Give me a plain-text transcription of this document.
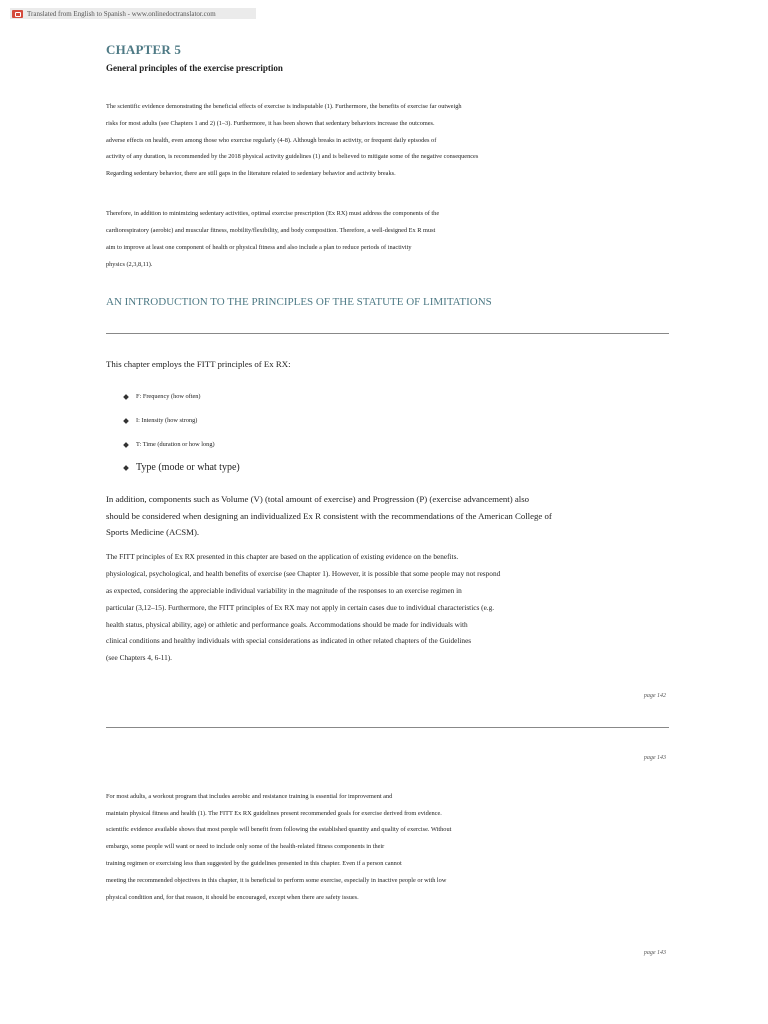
Translated from English to Spanish - www.onlinedoctranslator.com
CHAPTER 5
General principles of the exercise prescription
The scientific evidence demonstrating the beneficial effects of exercise is indisputable (1). Furthermore, the benefits of exercise far outweigh
risks for most adults (see Chapters 1 and 2) (1–3). Furthermore, it has been shown that sedentary behaviors increase the outcomes.
adverse effects on health, even among those who exercise regularly (4-8). Although breaks in activity, or frequent daily episodes of
activity of any duration, is recommended by the 2018 physical activity guidelines (1) and is believed to mitigate some of the negative consequences
Regarding sedentary behavior, there are still gaps in the literature related to sedentary behavior and activity breaks.
Therefore, in addition to minimizing sedentary activities, optimal exercise prescription (Ex RX) must address the components of the
cardiorespiratory (aerobic) and muscular fitness, mobility/flexibility, and body composition. Therefore, a well-designed Ex R must
aim to improve at least one component of health or physical fitness and also include a plan to reduce periods of inactivity
physics (2,3,8,11).
AN INTRODUCTION TO THE PRINCIPLES OF THE STATUTE OF LIMITATIONS
This chapter employs the FITT principles of Ex RX:
F: Frequency (how often)
I: Intensity (how strong)
T: Time (duration or how long)
Type (mode or what type)
In addition, components such as Volume (V) (total amount of exercise) and Progression (P) (exercise advancement) also
should be considered when designing an individualized Ex R consistent with the recommendations of the American College of
Sports Medicine (ACSM).
The FITT principles of Ex RX presented in this chapter are based on the application of existing evidence on the benefits.
physiological, psychological, and health benefits of exercise (see Chapter 1). However, it is possible that some people may not respond
as expected, considering the appreciable individual variability in the magnitude of the responses to an exercise regimen in
particular (3,12–15). Furthermore, the FITT principles of Ex RX may not apply in certain cases due to individual characteristics (e.g.
health status, physical ability, age) or athletic and performance goals. Accommodations should be made for individuals with
clinical conditions and healthy individuals with special considerations as indicated in other related chapters of the Guidelines
(see Chapters 4, 6-11).
page 142
page 143
For most adults, a workout program that includes aerobic and resistance training is essential for improvement and
maintain physical fitness and health (1). The FITT Ex RX guidelines present recommended goals for exercise derived from evidence.
scientific evidence available shows that most people will benefit from following the established quantity and quality of exercise. Without
embargo, some people will want or need to include only some of the health-related fitness components in their
training regimen or exercising less than suggested by the guidelines presented in this chapter. Even if a person cannot
meeting the recommended objectives in this chapter, it is beneficial to perform some exercise, especially in inactive people or with low
physical condition and, for that reason, it should be encouraged, except when there are safety issues.
page 143
